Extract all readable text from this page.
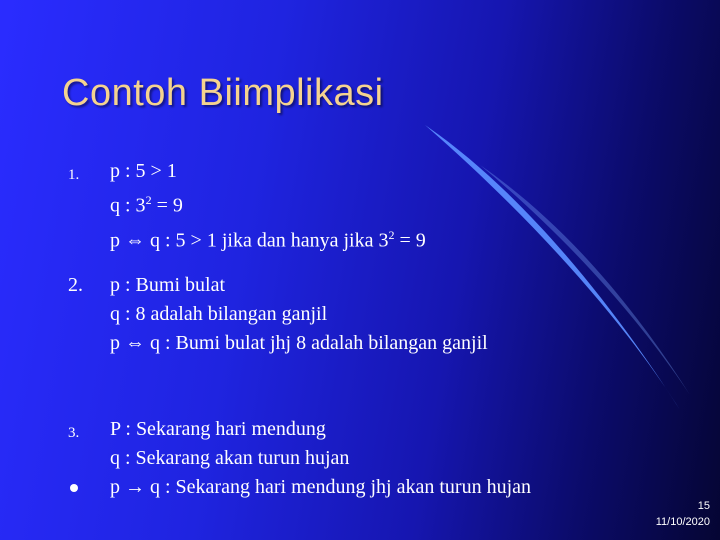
Contoh Biimplikasi
1. p : 5 > 1
q : $3^2 = 9$
p ⇔ q : 5 > 1 jika dan hanya jika $3^2 = 9$
2. p : Bumi bulat
q : 8 adalah bilangan ganjil
p ⇔ q : Bumi bulat jhj 8 adalah bilangan ganjil
3. P : Sekarang hari mendung
q : Sekarang akan turun hujan
p → q : Sekarang hari mendung jhj akan turun hujan
15
11/10/2020
